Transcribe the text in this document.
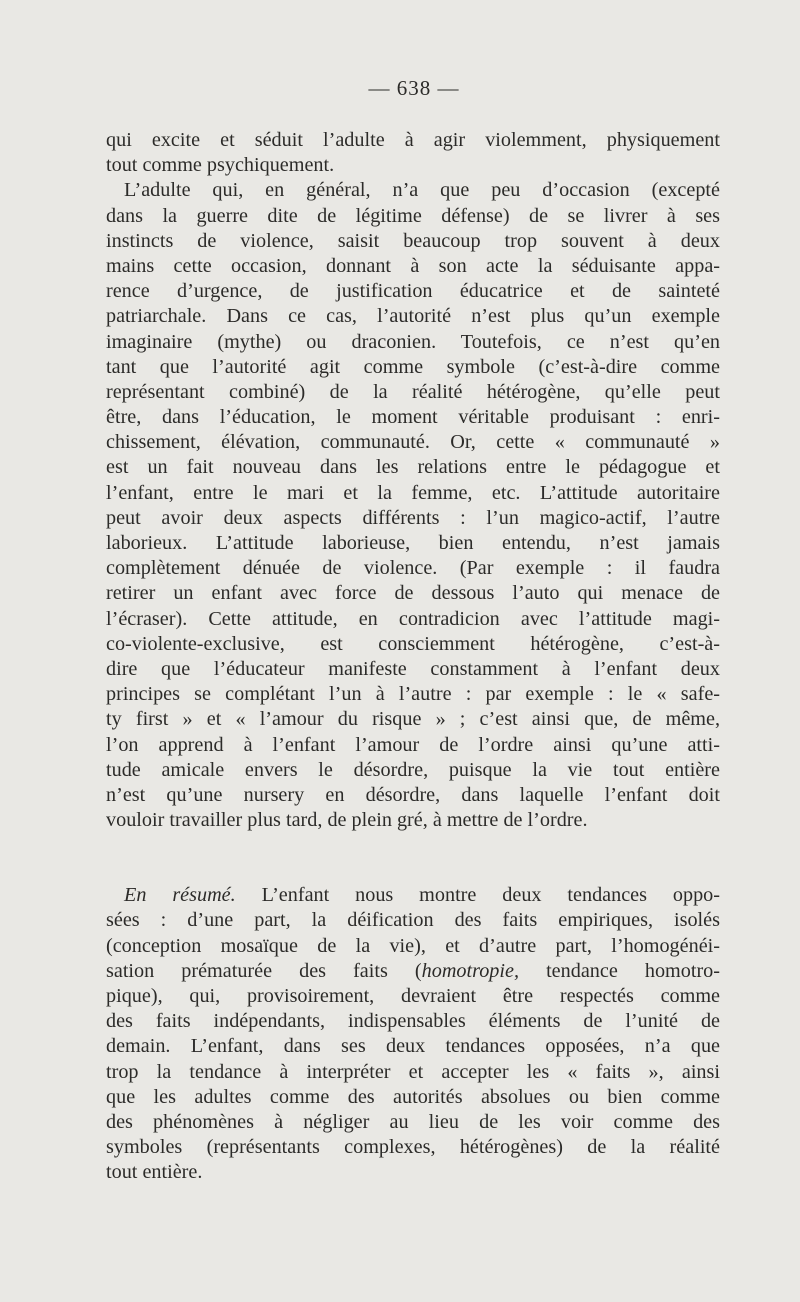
— 638 —
qui excite et séduit l’adulte à agir violemment, physiquement
tout comme psychiquement.
L’adulte qui, en général, n’a que peu d’occasion (excepté
dans la guerre dite de légitime défense) de se livrer à ses
instincts de violence, saisit beaucoup trop souvent à deux
mains cette occasion, donnant à son acte la séduisante appa-
rence d’urgence, de justification éducatrice et de sainteté
patriarchale. Dans ce cas, l’autorité n’est plus qu’un exemple
imaginaire (mythe) ou draconien. Toutefois, ce n’est qu’en
tant que l’autorité agit comme symbole (c’est-à-dire comme
représentant combiné) de la réalité hétérogène, qu’elle peut
être, dans l’éducation, le moment véritable produisant : enri-
chissement, élévation, communauté. Or, cette « communauté »
est un fait nouveau dans les relations entre le pédagogue et
l’enfant, entre le mari et la femme, etc. L’attitude autoritaire
peut avoir deux aspects différents : l’un magico-actif, l’autre
laborieux. L’attitude laborieuse, bien entendu, n’est jamais
complètement dénuée de violence. (Par exemple : il faudra
retirer un enfant avec force de dessous l’auto qui menace de
l’écraser). Cette attitude, en contradicion avec l’attitude magi-
co-violente-exclusive, est consciemment hétérogène, c’est-à-
dire que l’éducateur manifeste constamment à l’enfant deux
principes se complétant l’un à l’autre : par exemple : le « safe-
ty first » et « l’amour du risque » ; c’est ainsi que, de même,
l’on apprend à l’enfant l’amour de l’ordre ainsi qu’une atti-
tude amicale envers le désordre, puisque la vie tout entière
n’est qu’une nursery en désordre, dans laquelle l’enfant doit
vouloir travailler plus tard, de plein gré, à mettre de l’ordre.
En résumé. L’enfant nous montre deux tendances oppo-
sées : d’une part, la déification des faits empiriques, isolés
(conception mosaïque de la vie), et d’autre part, l’homogénéi-
sation prématurée des faits (homotropie, tendance homotro-
pique), qui, provisoirement, devraient être respectés comme
des faits indépendants, indispensables éléments de l’unité de
demain. L’enfant, dans ses deux tendances opposées, n’a que
trop la tendance à interpréter et accepter les « faits », ainsi
que les adultes comme des autorités absolues ou bien comme
des phénomènes à négliger au lieu de les voir comme des
symboles (représentants complexes, hétérogènes) de la réalité
tout entière.
